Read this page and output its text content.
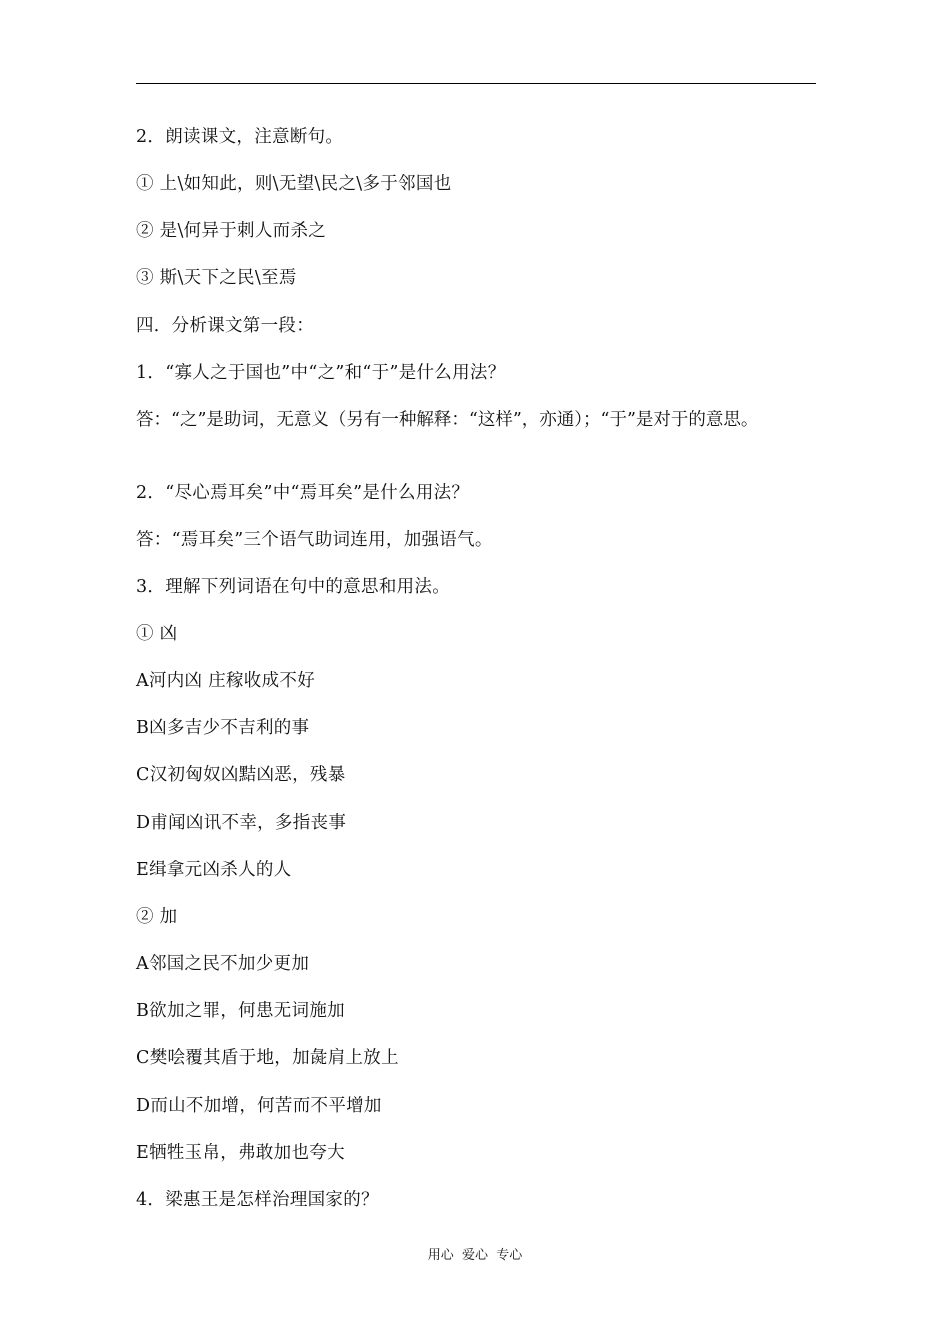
2．朗读课文，注意断句。
① 上\如知此，则\无望\民之\多于邻国也
② 是\何异于刺人而杀之
③ 斯\天下之民\至焉
四．分析课文第一段：
1．“寡人之于国也”中“之”和“于”是什么用法？
答：“之”是助词，无意义（另有一种解释：“这样”，亦通）；“于”是对于的意思。
2．“尽心焉耳矣”中“焉耳矣”是什么用法？
答：“焉耳矣”三个语气助词连用，加强语气。
3．理解下列词语在句中的意思和用法。
① 凶
A河内凶 庄稼收成不好
B凶多吉少不吉利的事
C汉初匈奴凶黠凶恶，残暴
D甫闻凶讯不幸，多指丧事
E缉拿元凶杀人的人
② 加
A邻国之民不加少更加
B欲加之罪，何患无词施加
C樊哙覆其盾于地，加彘肩上放上
D而山不加增，何苦而不平增加
E牺牲玉帛，弗敢加也夸大
4．梁惠王是怎样治理国家的？
用心  爱心  专心
